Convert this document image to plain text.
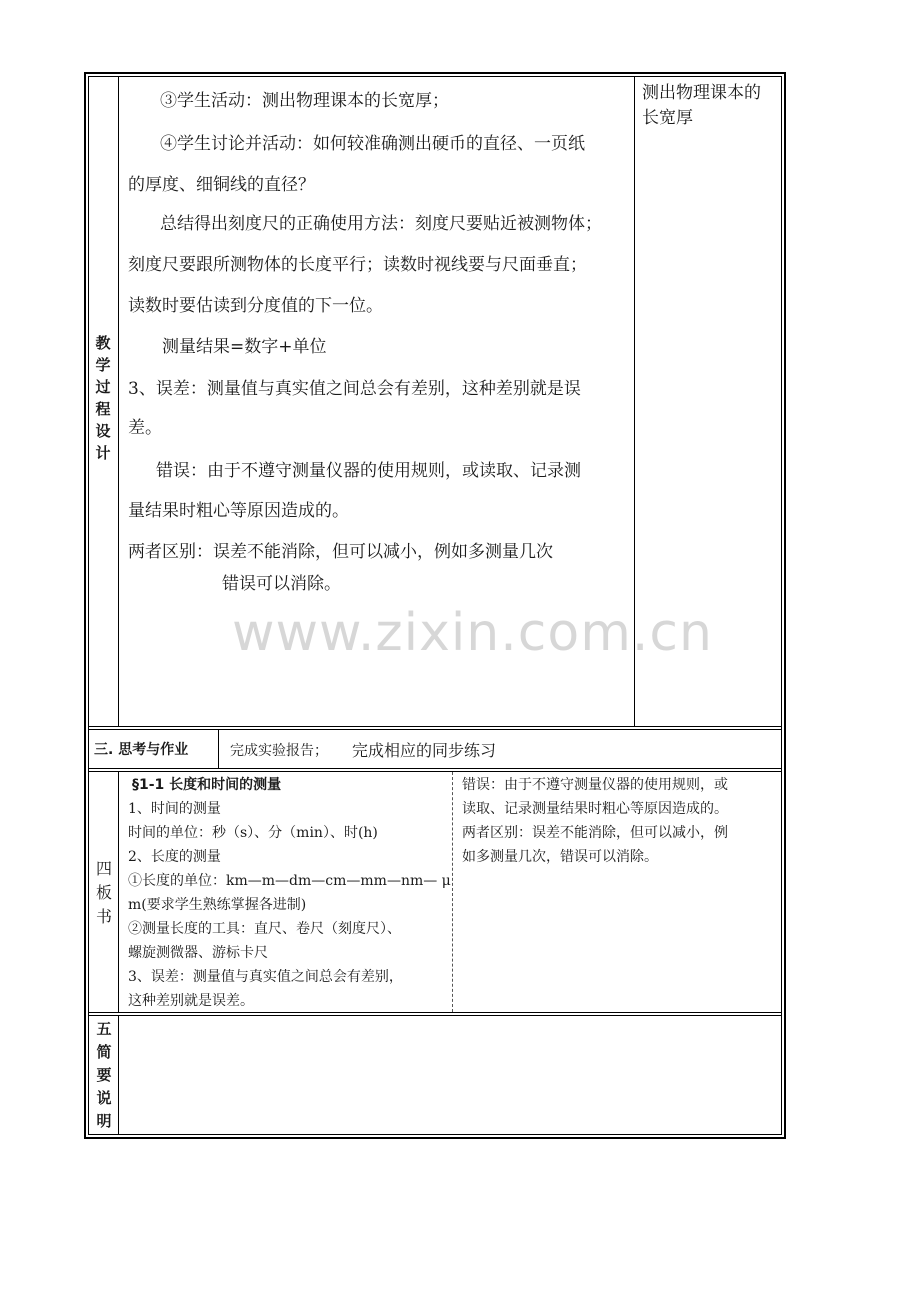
教
学
过
程
设
计

③学生活动：测出物理课本的长宽厚；

④学生讨论并活动：如何较准确测出硬币的直径、一页纸

的厚度、细铜线的直径？

总结得出刻度尺的正确使用方法：刻度尺要贴近被测物体；

刻度尺要跟所测物体的长度平行；读数时视线要与尺面垂直；

读数时要估读到分度值的下一位。

测量结果=数字+单位

3、误差：测量值与真实值之间总会有差别，这种差别就是误

差。

错误：由于不遵守测量仪器的使用规则，或读取、记录测

量结果时粗心等原因造成的。

两者区别：误差不能消除，但可以减小，例如多测量几次

错误可以消除。

测出物理课本的

长宽厚

www.zixin.com.cn
三. 思考与作业	完成实验报告； 完成相应的同步练习
四
板
书

§1-1 长度和时间的测量

1、时间的测量

时间的单位：秒（s）、分（min）、时(h)

2、长度的测量

①长度的单位：km—m—dm—cm—mm—nm— μ

m(要求学生熟练掌握各进制)

②测量长度的工具：直尺、卷尺（刻度尺）、

螺旋测微器、游标卡尺

3、误差：测量值与真实值之间总会有差别，

这种差别就是误差。

错误：由于不遵守测量仪器的使用规则，或

读取、记录测量结果时粗心等原因造成的。

两者区别：误差不能消除，但可以减小，例

如多测量几次，错误可以消除。

五
简
要
说
明
